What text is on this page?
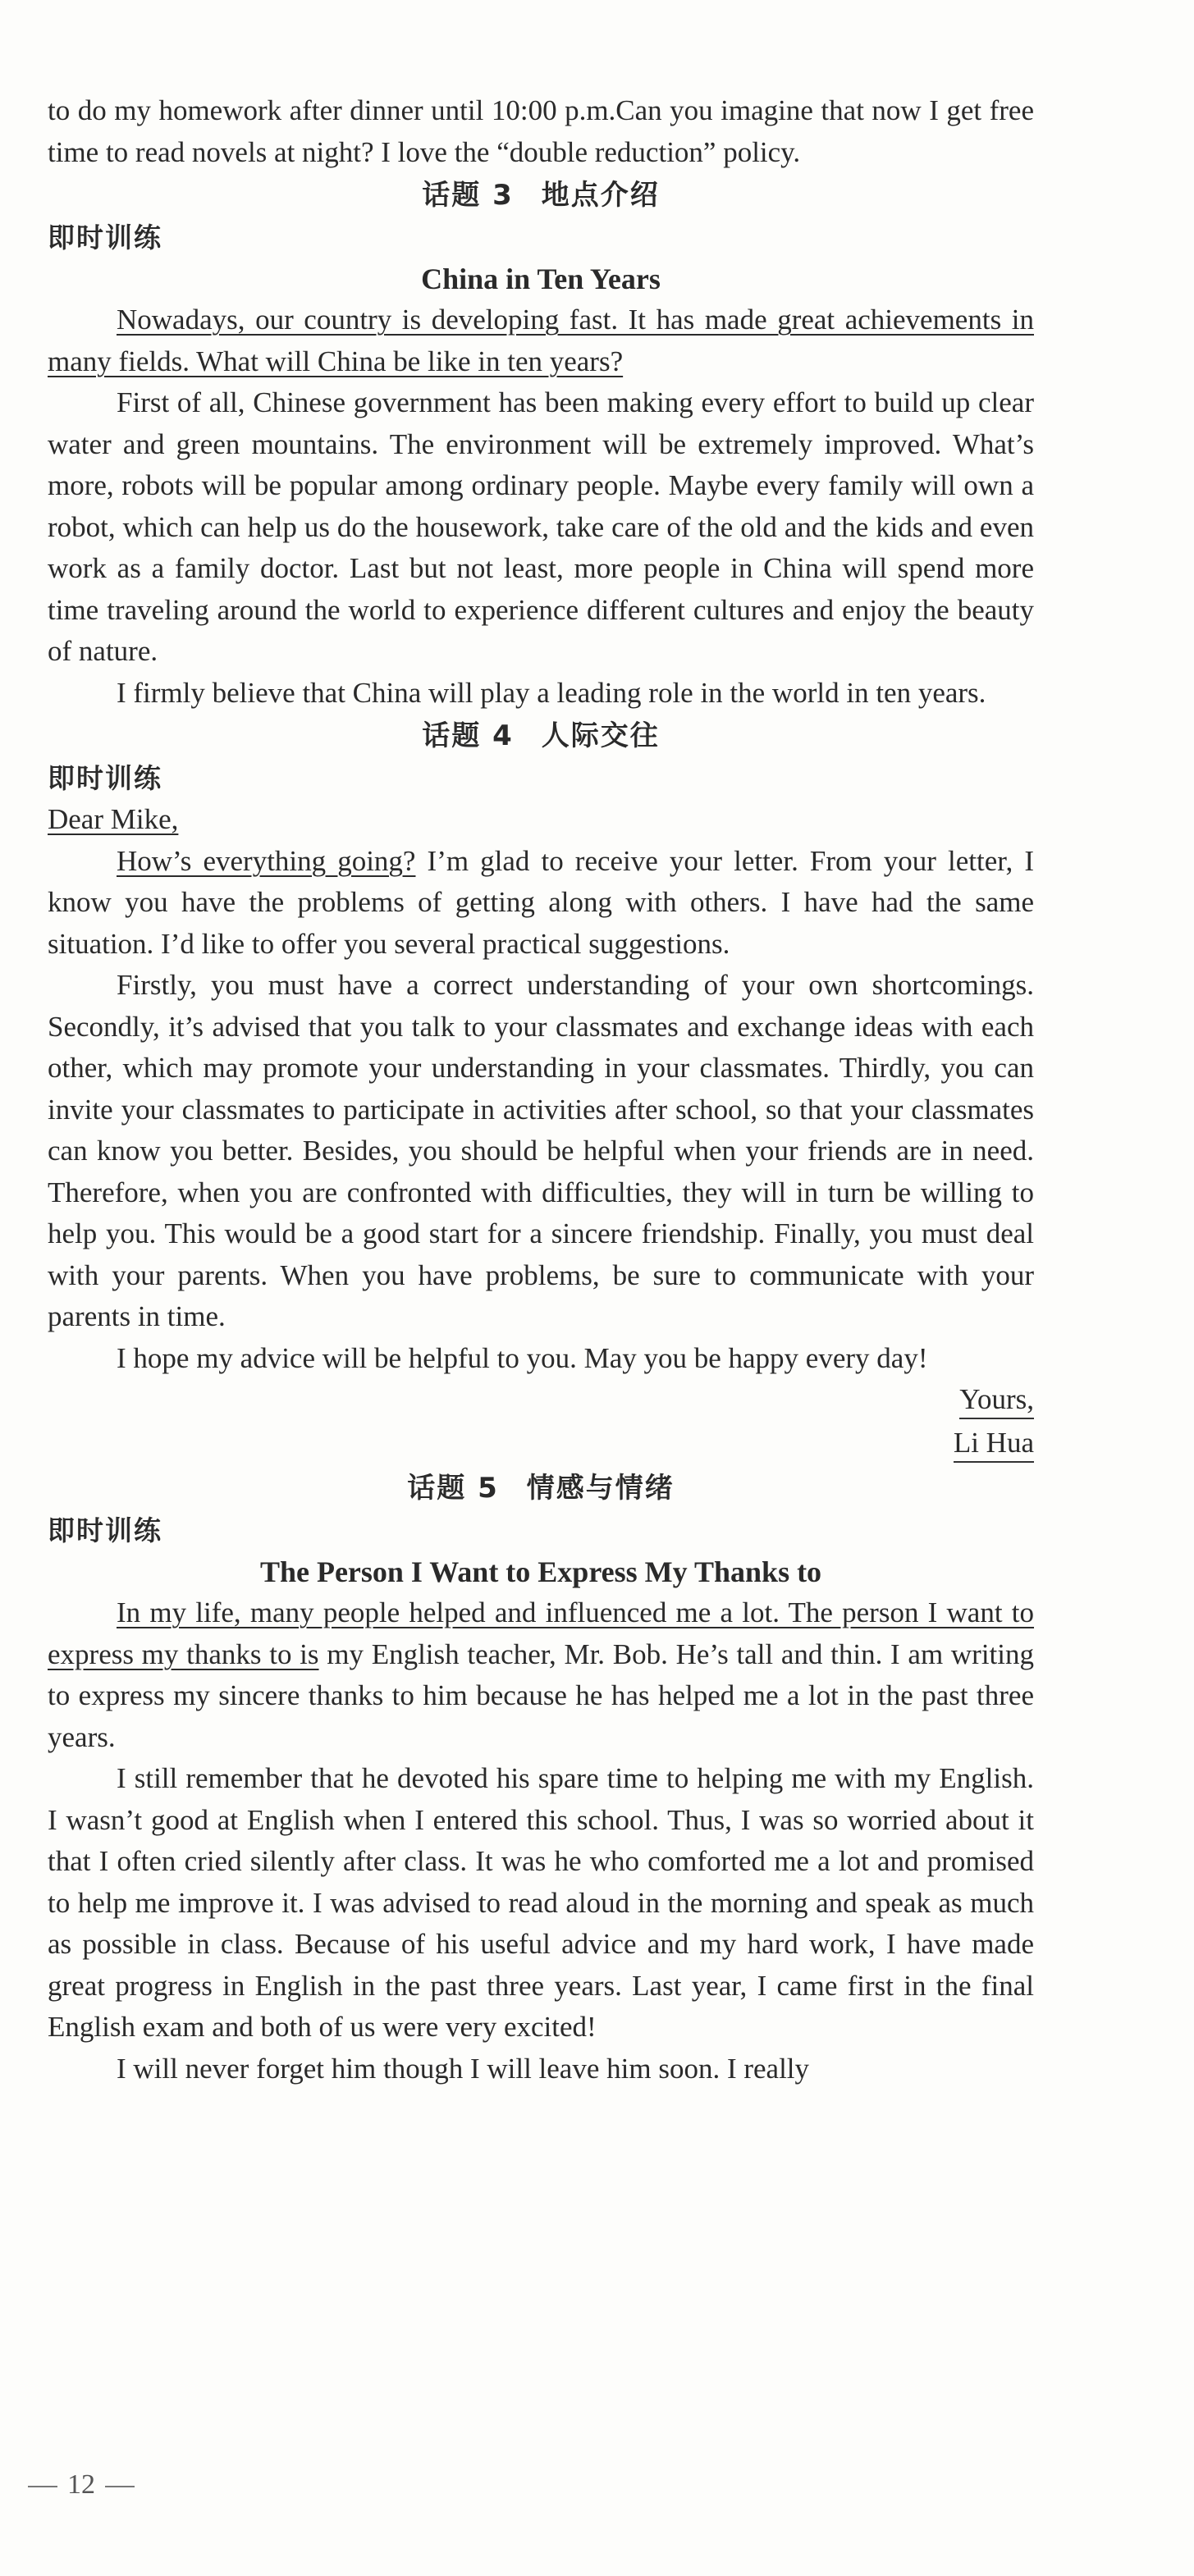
to do my homework after dinner until 10:00 p.m.Can you imagine that now I get free time to read novels at night? I love the “double reduction” policy.

话题 3 地点介绍

即时训练

China in Ten Years

Nowadays, our country is developing fast. It has made great achievements in many fields. What will China be like in ten years?

First of all, Chinese government has been making every effort to build up clear water and green mountains. The environment will be extremely improved. What’s more, robots will be popular among ordinary people. Maybe every family will own a robot, which can help us do the housework, take care of the old and the kids and even work as a family doctor. Last but not least, more people in China will spend more time traveling around the world to experience different cultures and enjoy the beauty of nature.

I firmly believe that China will play a leading role in the world in ten years.

话题 4 人际交往

即时训练

Dear Mike,

How’s everything going? I’m glad to receive your letter. From your letter, I know you have the problems of getting along with others. I have had the same situation. I’d like to offer you several practical suggestions.

Firstly, you must have a correct understanding of your own shortcomings. Secondly, it’s advised that you talk to your classmates and exchange ideas with each other, which may promote your understanding in your classmates. Thirdly, you can invite your classmates to participate in activities after school, so that your classmates can know you better. Besides, you should be helpful when your friends are in need. Therefore, when you are confronted with difficulties, they will in turn be willing to help you. This would be a good start for a sincere friendship. Finally, you must deal with your parents. When you have problems, be sure to communicate with your parents in time.

I hope my advice will be helpful to you. May you be happy every day!

Yours,

Li Hua

话题 5 情感与情绪

即时训练

The Person I Want to Express My Thanks to

In my life, many people helped and influenced me a lot. The person I want to express my thanks to is my English teacher, Mr. Bob. He’s tall and thin. I am writing to express my sincere thanks to him because he has helped me a lot in the past three years.

I still remember that he devoted his spare time to helping me with my English. I wasn’t good at English when I entered this school. Thus, I was so worried about it that I often cried silently after class. It was he who comforted me a lot and promised to help me improve it. I was advised to read aloud in the morning and speak as much as possible in class. Because of his useful advice and my hard work, I have made great progress in English in the past three years. Last year, I came first in the final English exam and both of us were very excited!

I will never forget him though I will leave him soon. I really

12
